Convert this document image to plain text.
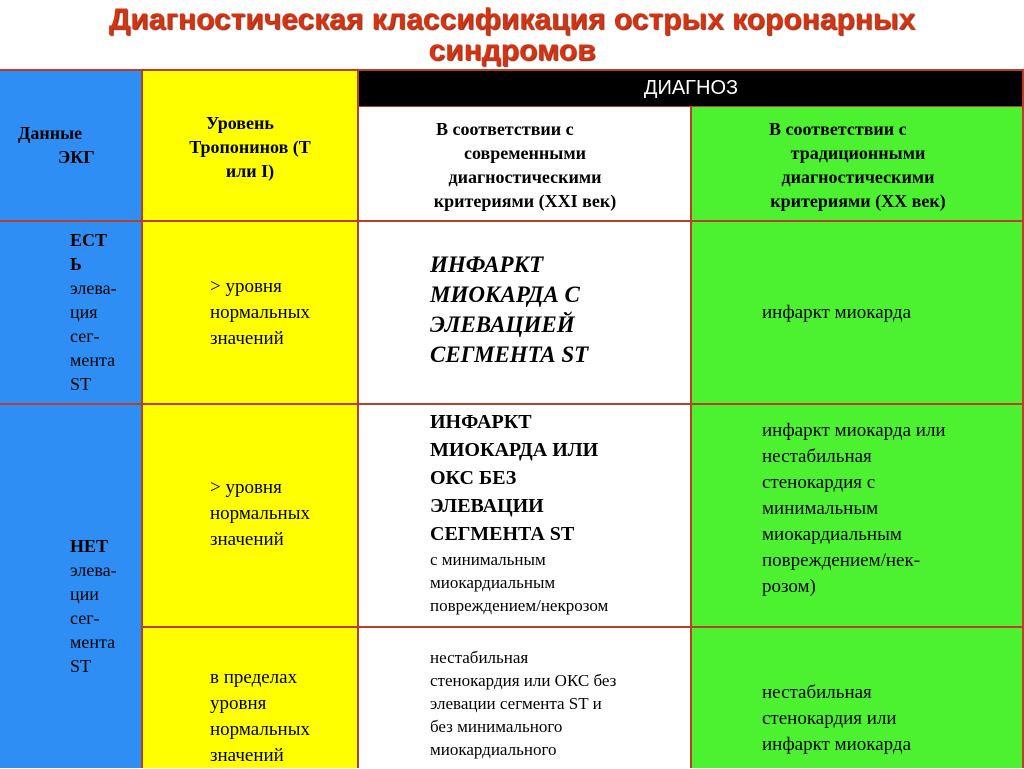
Диагностическая классификация острых коронарных
синдромов
Данные
ЭКГ
Уровень
Тропонинов (Т
или I)
ДИАГНОЗ
В соответствии с
современными
диагностическими
критериями (XXI век)
В соответствии с
традиционными
диагностическими
критериями (XX век)
ЕСТ
Ь
элева-
ция
сег-
мента
ST
> уровня
нормальных
значений
ИНФАРКТ
МИОКАРДА С
ЭЛЕВАЦИЕЙ
СЕГМЕНТА ST
инфаркт миокарда
НЕТ
элева-
ции
сег-
мента
ST
> уровня
нормальных
значений
ИНФАРКТ
МИОКАРДА ИЛИ
ОКС БЕЗ
ЭЛЕВАЦИИ
СЕГМЕНТА ST
с минимальным
миокардиальным
повреждением/некрозом
инфаркт миокарда или
нестабильная
стенокардия с
минимальным
миокардиальным
повреждением/нек-
розом)
в пределах
уровня
нормальных
значений
нестабильная
стенокардия или ОКС без
элевации сегмента ST и
без минимального
миокардиального
нестабильная
стенокардия или
инфаркт миокарда
